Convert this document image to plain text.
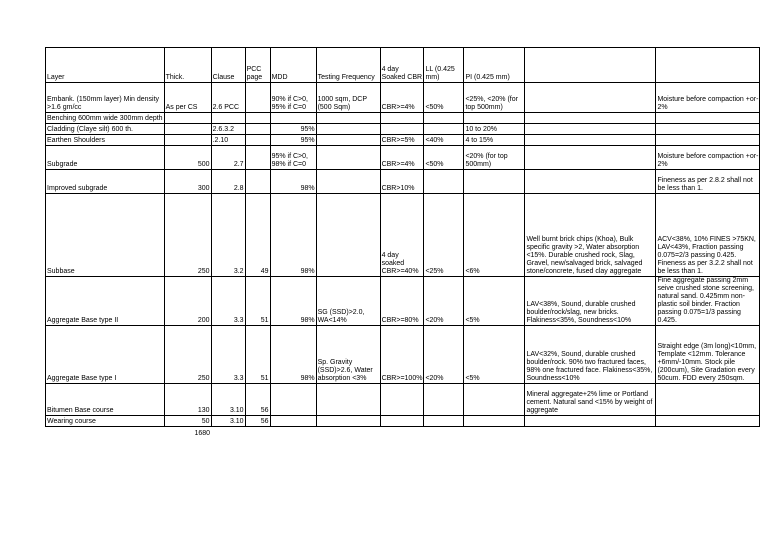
Layer	Thick.	Clause	PCC page	MDD	Testing Frequency	4 day Soaked CBR	LL (0.425 mm)	PI (0.425 mm)		
Embank. (150mm layer) Min density >1.6 gm/cc	As per CS	2.6 PCC		90% if C>0, 95% if C=0	1000 sqm, DCP (500 Sqm)	CBR>=4%	<50%	<25%, <20% (for top 500mm)		Moisture before compaction +or- 2%
Benching 600mm wide 300mm depth										
Cladding (Claye silt) 600 th.		2.6.3.2		95%				10 to 20%		
Earthen Shoulders		.2.10		95%		CBR>=5%	<40%	4 to 15%		
Subgrade	500	2.7		95% if C>0, 98% if C=0		CBR>=4%	<50%	<20% (for top 500mm)		Moisture before compaction +or- 2%
Improved subgrade	300	2.8		98%		CBR>10%				Fineness as per 2.8.2 shall not be less than 1.
Subbase	250	3.2	49	98%		4 day soaked CBR>=40%	<25%	<6%	Well burnt brick chips (Khoa), Bulk specific gravity >2, Water absorption <15%. Durable crushed rock, Slag, Gravel, new/salvaged brick, salvaged stone/concrete, fused clay aggregate	ACV<38%, 10% FINES >75KN, LAV<43%, Fraction passing 0.075=2/3 passing 0.425. Fineness as per 3.2.2 shall not be less than 1.
Aggregate Base type II	200	3.3	51	98%	SG (SSD)>2.0, WA<14%	CBR>=80%	<20%	<5%	LAV<38%, Sound, durable crushed boulder/rock/slag, new bricks. Flakiness<35%, Soundness<10%	Fine aggregate passing 2mm seive crushed stone screening, natural sand. 0.425mm non-plastic soil binder. Fraction passing 0.075=1/3 passing 0.425.
Aggregate Base type I	250	3.3	51	98%	Sp. Gravity (SSD)>2.6, Water absorption <3%	CBR>=100%	<20%	<5%	LAV<32%, Sound, durable crushed boulder/rock. 90% two fractured faces, 98% one fractured face. Flakiness<35%, Soundness<10%	Straight edge (3m long)<10mm, Template <12mm. Tolerance +6mm/-10mm. Stock pile (200cum), Site Gradation every 50cum. FDD every 250sqm.
Bitumen Base course	130	3.10	56						Mineral aggregate+2% lime or Portland cement. Natural sand <15% by weight of aggregate	
Wearing course	50	3.10	56							
	1680									
